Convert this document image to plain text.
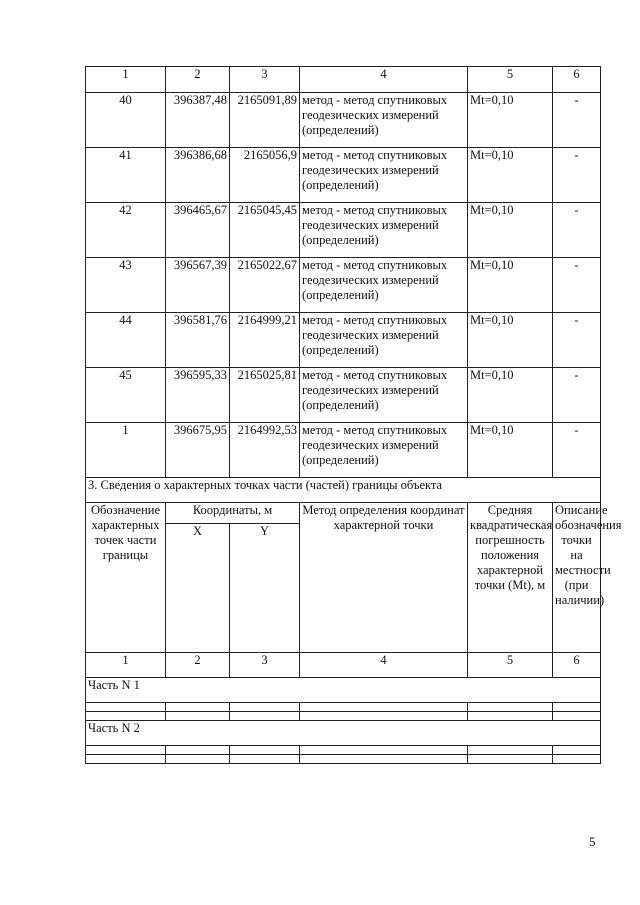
1	2	3	4	5	6
40	396387,48	2165091,89	метод - метод спутниковых геодезических измерений (определений)	Mt=0,10	-
41	396386,68	2165056,9	метод - метод спутниковых геодезических измерений (определений)	Mt=0,10	-
42	396465,67	2165045,45	метод - метод спутниковых геодезических измерений (определений)	Mt=0,10	-
43	396567,39	2165022,67	метод - метод спутниковых геодезических измерений (определений)	Mt=0,10	-
44	396581,76	2164999,21	метод - метод спутниковых геодезических измерений (определений)	Mt=0,10	-
45	396595,33	2165025,81	метод - метод спутниковых геодезических измерений (определений)	Mt=0,10	-
1	396675,95	2164992,53	метод - метод спутниковых геодезических измерений (определений)	Mt=0,10	-
3. Сведения о характерных точках части (частей) границы объекта					
Обозначение характерных точек части границы	Координаты, м		Метод определения координат характерной точки	Средняя квадратическая погрешность положения характерной точки (Mt), м	Описание обозначения точки на местности (при наличии)
	X	Y			
1	2	3	4	5	6
Часть N 1					

Часть N 2					

5
